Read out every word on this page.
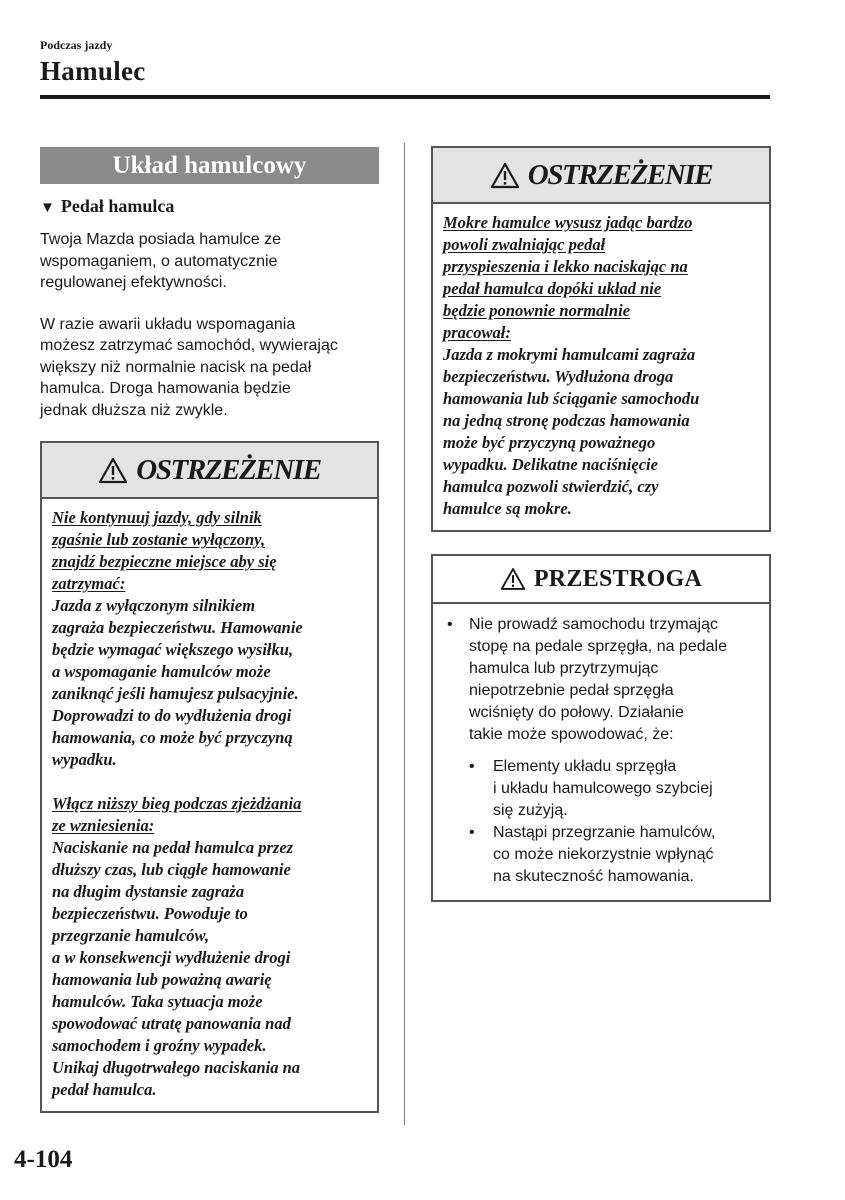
Podczas jazdy
Hamulec
Układ hamulcowy
▼ Pedał hamulca

Twoja Mazda posiada hamulce ze
wspomaganiem, o automatycznie
regulowanej efektywności.

W razie awarii układu wspomagania
możesz zatrzymać samochód, wywierając
większy niż normalnie nacisk na pedał
hamulca. Droga hamowania będzie
jednak dłuższa niż zwykle.

OSTRZEŻENIE

Nie kontynuuj jazdy, gdy silnik
zgaśnie lub zostanie wyłączony,
znajdź bezpieczne miejsce aby się
zatrzymać:

Jazda z wyłączonym silnikiem
zagraża bezpieczeństwu. Hamowanie
będzie wymagać większego wysiłku,
a wspomaganie hamulców może
zaniknąć jeśli hamujesz pulsacyjnie.
Doprowadzi to do wydłużenia drogi
hamowania, co może być przyczyną
wypadku.

Włącz niższy bieg podczas zjeżdżania
ze wzniesienia:

Naciskanie na pedał hamulca przez
dłuższy czas, lub ciągłe hamowanie
na długim dystansie zagraża
bezpieczeństwu. Powoduje to
przegrzanie hamulców,
a w konsekwencji wydłużenie drogi
hamowania lub poważną awarię
hamulców. Taka sytuacja może
spowodować utratę panowania nad
samochodem i groźny wypadek.
Unikaj długotrwałego naciskania na
pedał hamulca.

OSTRZEŻENIE

Mokre hamulce wysusz jadąc bardzo
powoli zwalniając pedał
przyspieszenia i lekko naciskając na
pedał hamulca dopóki układ nie
będzie ponownie normalnie
pracował:

Jazda z mokrymi hamulcami zagraża
bezpieczeństwu. Wydłużona droga
hamowania lub ściąganie samochodu
na jedną stronę podczas hamowania
może być przyczyną poważnego
wypadku. Delikatne naciśnięcie
hamulca pozwoli stwierdzić, czy
hamulce są mokre.

PRZESTROGA
•	Nie prowadź samochodu trzymając
stopę na pedale sprzęgła, na pedale
hamulca lub przytrzymując
niepotrzebnie pedał sprzęgła
wciśnięty do połowy. Działanie
takie może spowodować, że:
•	Elementy układu sprzęgła
i układu hamulcowego szybciej
się zużyją.
•	Nastąpi przegrzanie hamulców,
co może niekorzystnie wpłynąć
na skuteczność hamowania.
4-104
